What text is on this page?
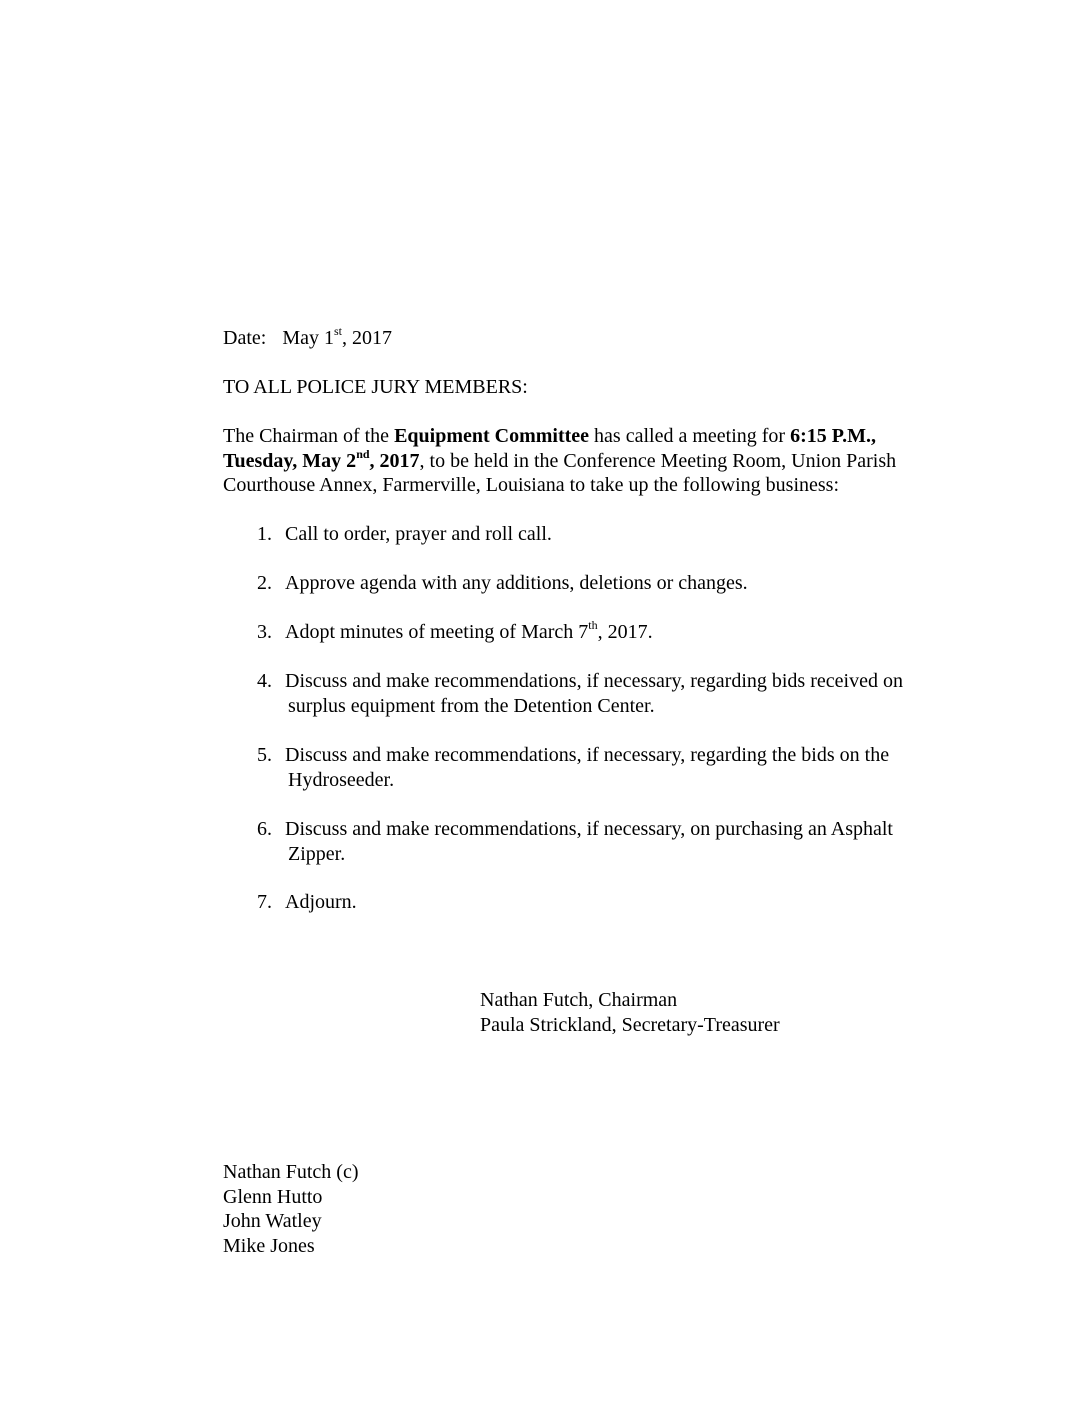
Date: May 1st, 2017
TO ALL POLICE JURY MEMBERS:
The Chairman of the Equipment Committee has called a meeting for 6:15 P.M.,
Tuesday, May 2nd, 2017, to be held in the Conference Meeting Room, Union Parish
Courthouse Annex, Farmerville, Louisiana to take up the following business:
1. Call to order, prayer and roll call.
2. Approve agenda with any additions, deletions or changes.
3. Adopt minutes of meeting of March 7th, 2017.
4. Discuss and make recommendations, if necessary, regarding bids received on
surplus equipment from the Detention Center.
5. Discuss and make recommendations, if necessary, regarding the bids on the
Hydroseeder.
6. Discuss and make recommendations, if necessary, on purchasing an Asphalt
Zipper.
7. Adjourn.
Nathan Futch, Chairman
Paula Strickland, Secretary-Treasurer
Nathan Futch (c)
Glenn Hutto
John Watley
Mike Jones
